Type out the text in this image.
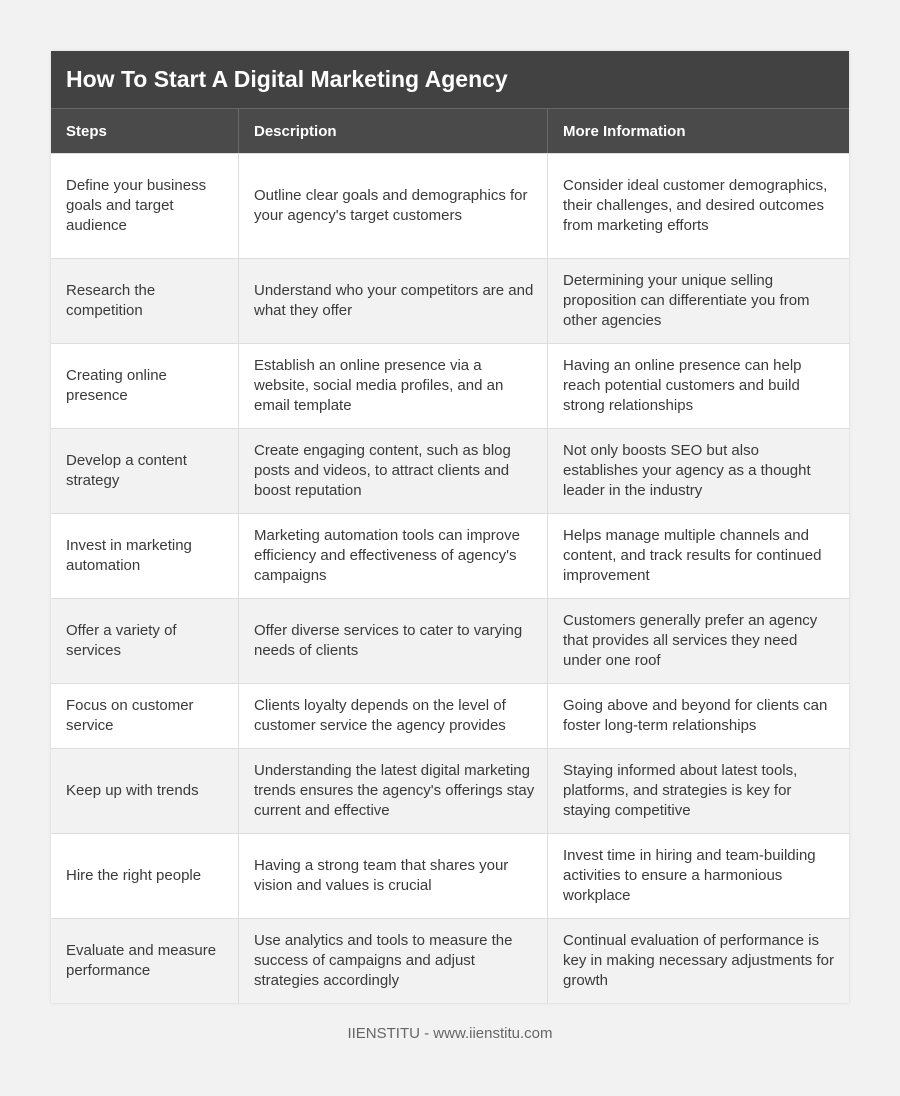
How To Start A Digital Marketing Agency
Steps	Description	More Information
Define your business goals and target audience
Outline clear goals and demographics for your agency's target customers
Consider ideal customer demographics, their challenges, and desired outcomes from marketing efforts
Research the competition
Understand who your competitors are and what they offer
Determining your unique selling proposition can differentiate you from other agencies
Creating online presence
Establish an online presence via a website, social media profiles, and an email template
Having an online presence can help reach potential customers and build strong relationships
Develop a content strategy
Create engaging content, such as blog posts and videos, to attract clients and boost reputation
Not only boosts SEO but also establishes your agency as a thought leader in the industry
Invest in marketing automation
Marketing automation tools can improve efficiency and effectiveness of agency's campaigns
Helps manage multiple channels and content, and track results for continued improvement
Offer a variety of services
Offer diverse services to cater to varying needs of clients
Customers generally prefer an agency that provides all services they need under one roof
Focus on customer service
Clients loyalty depends on the level of customer service the agency provides
Going above and beyond for clients can foster long-term relationships
Keep up with trends
Understanding the latest digital marketing trends ensures the agency's offerings stay current and effective
Staying informed about latest tools, platforms, and strategies is key for staying competitive
Hire the right people
Having a strong team that shares your vision and values is crucial
Invest time in hiring and team-building activities to ensure a harmonious workplace
Evaluate and measure performance
Use analytics and tools to measure the success of campaigns and adjust strategies accordingly
Continual evaluation of performance is key in making necessary adjustments for growth
IIENSTITU - www.iienstitu.com
